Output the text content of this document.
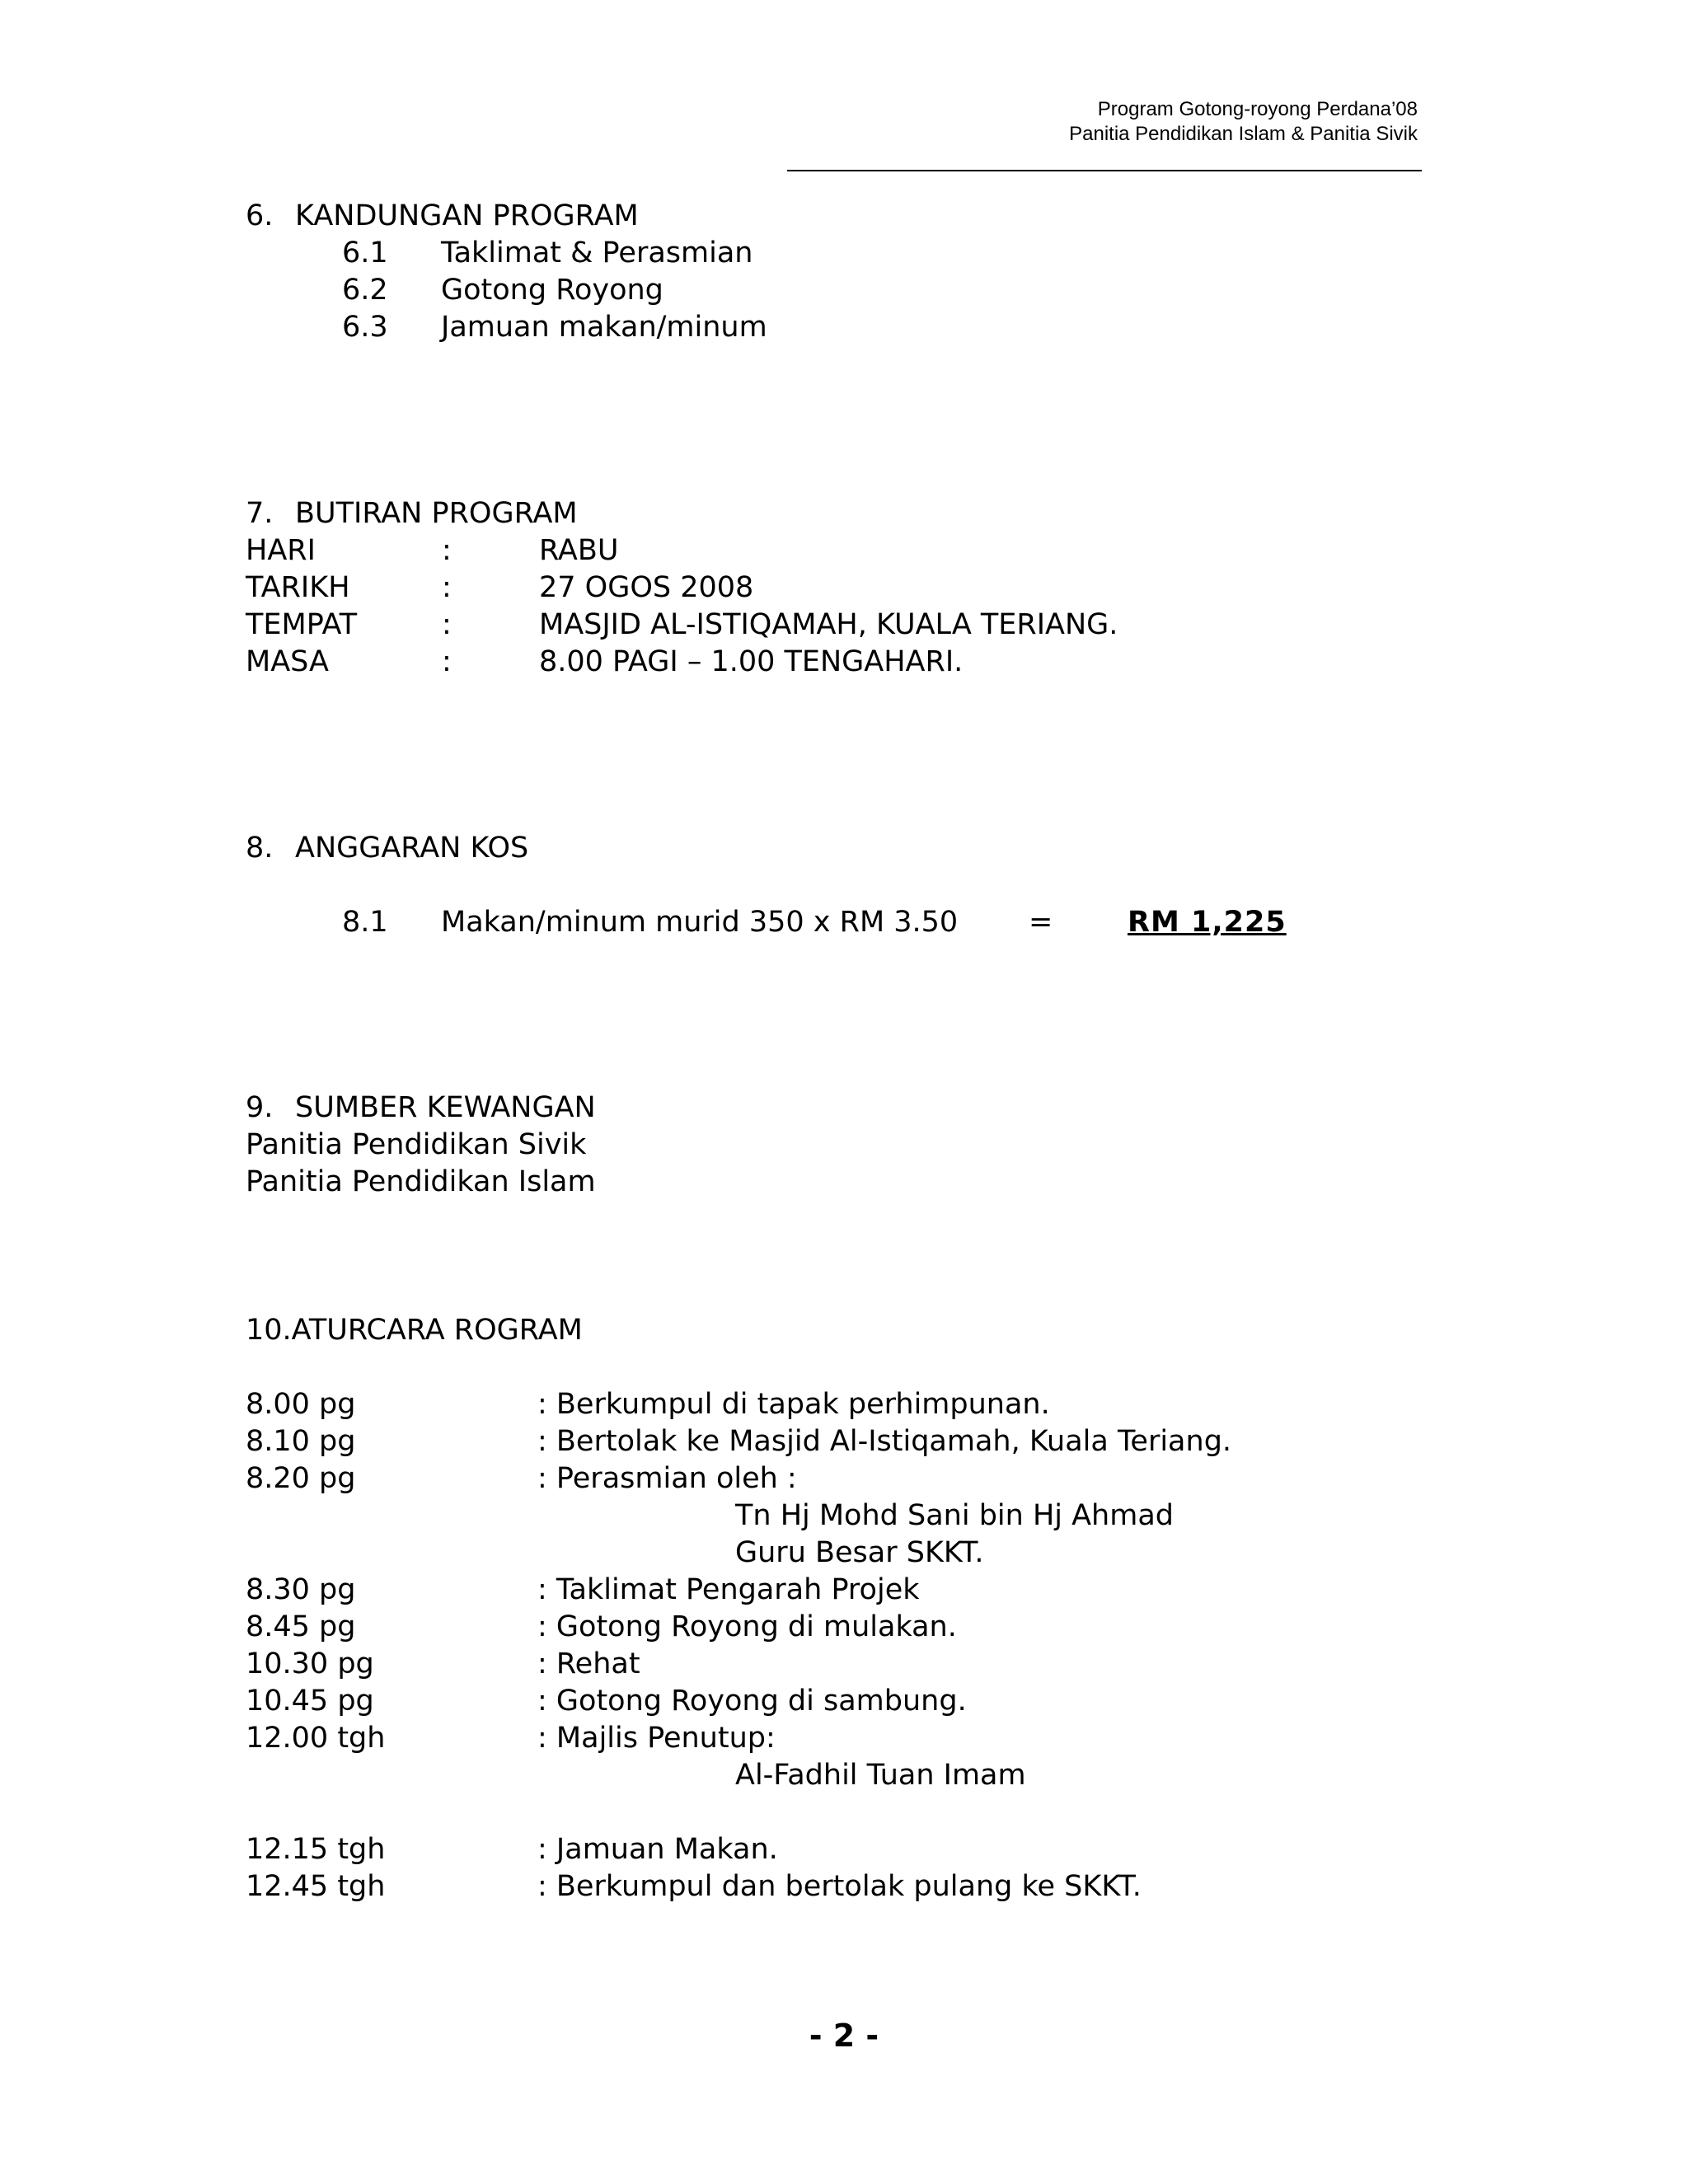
Program Gotong-royong Perdana’08
Panitia Pendidikan Islam & Panitia Sivik
6. KANDUNGAN PROGRAM
6.1 Taklimat & Perasmian
6.2 Gotong Royong
6.3 Jamuan makan/minum
7. BUTIRAN PROGRAM
HARI	:	RABU
TARIKH	:	27 OGOS 2008
TEMPAT	:	MASJID AL-ISTIQAMAH, KUALA TERIANG.
MASA	:	8.00 PAGI – 1.00 TENGAHARI.
8. ANGGARAN KOS
8.1 Makan/minum murid 350 x RM 3.50 =	RM 1,225
9. SUMBER KEWANGAN
Panitia Pendidikan Sivik
Panitia Pendidikan Islam
10.ATURCARA ROGRAM
8.00 pg	: Berkumpul di tapak perhimpunan.
8.10 pg	: Bertolak ke Masjid Al-Istiqamah, Kuala Teriang.
8.20 pg	: Perasmian oleh :
Tn Hj Mohd Sani bin Hj Ahmad
Guru Besar SKKT.
8.30 pg	: Taklimat Pengarah Projek
8.45 pg	: Gotong Royong di mulakan.
10.30 pg	: Rehat
10.45 pg	: Gotong Royong di sambung.
12.00 tgh	: Majlis Penutup:
Al-Fadhil Tuan Imam
12.15 tgh	: Jamuan Makan.
12.45 tgh	: Berkumpul dan bertolak pulang ke SKKT.
- 2 -
